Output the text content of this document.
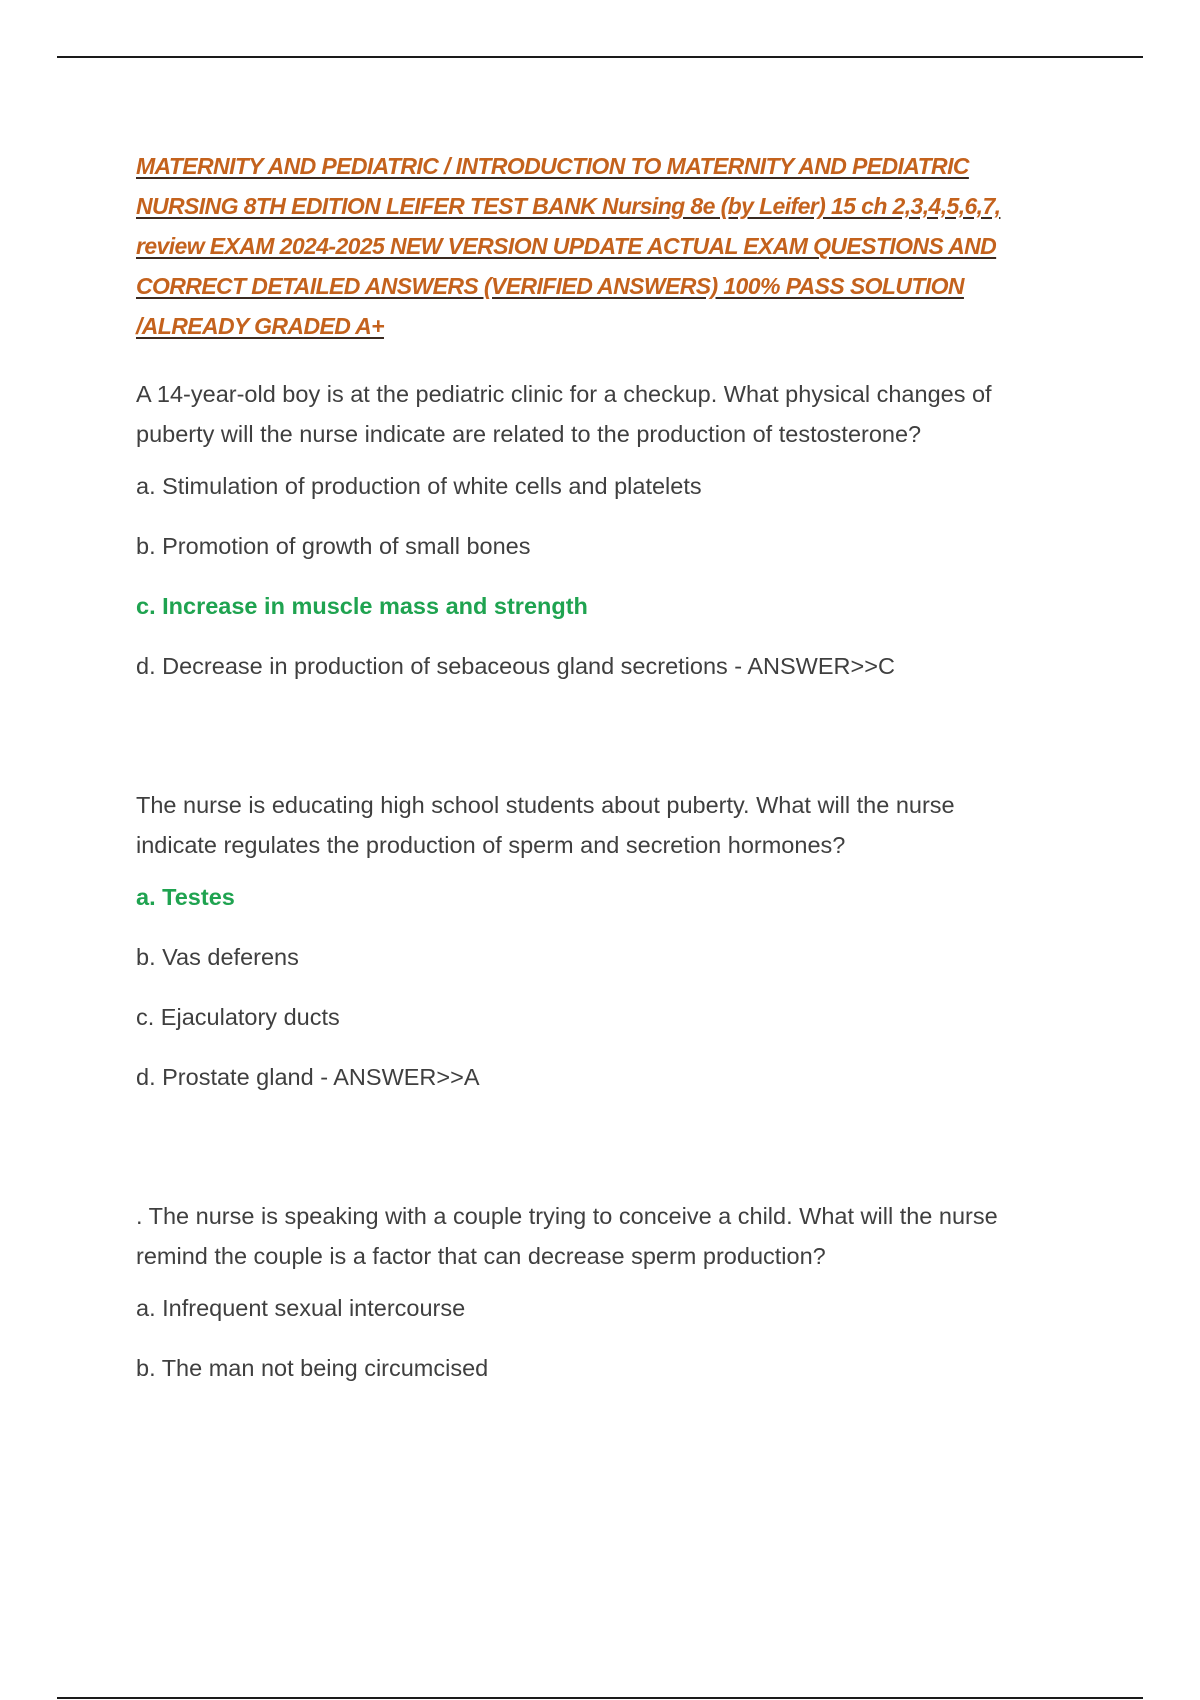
MATERNITY AND PEDIATRIC / INTRODUCTION TO MATERNITY AND PEDIATRIC NURSING 8TH EDITION LEIFER TEST BANK Nursing 8e (by Leifer) 15 ch 2,3,4,5,6,7, review EXAM 2024-2025 NEW VERSION UPDATE ACTUAL EXAM QUESTIONS AND CORRECT DETAILED ANSWERS (VERIFIED ANSWERS) 100% PASS SOLUTION /ALREADY GRADED A+

A 14-year-old boy is at the pediatric clinic for a checkup. What physical changes of puberty will the nurse indicate are related to the production of testosterone?

a. Stimulation of production of white cells and platelets

b. Promotion of growth of small bones

c. Increase in muscle mass and strength

d. Decrease in production of sebaceous gland secretions - ANSWER>>C

The nurse is educating high school students about puberty. What will the nurse indicate regulates the production of sperm and secretion hormones?

a. Testes

b. Vas deferens

c. Ejaculatory ducts

d. Prostate gland - ANSWER>>A

. The nurse is speaking with a couple trying to conceive a child. What will the nurse remind the couple is a factor that can decrease sperm production?

a. Infrequent sexual intercourse

b. The man not being circumcised
